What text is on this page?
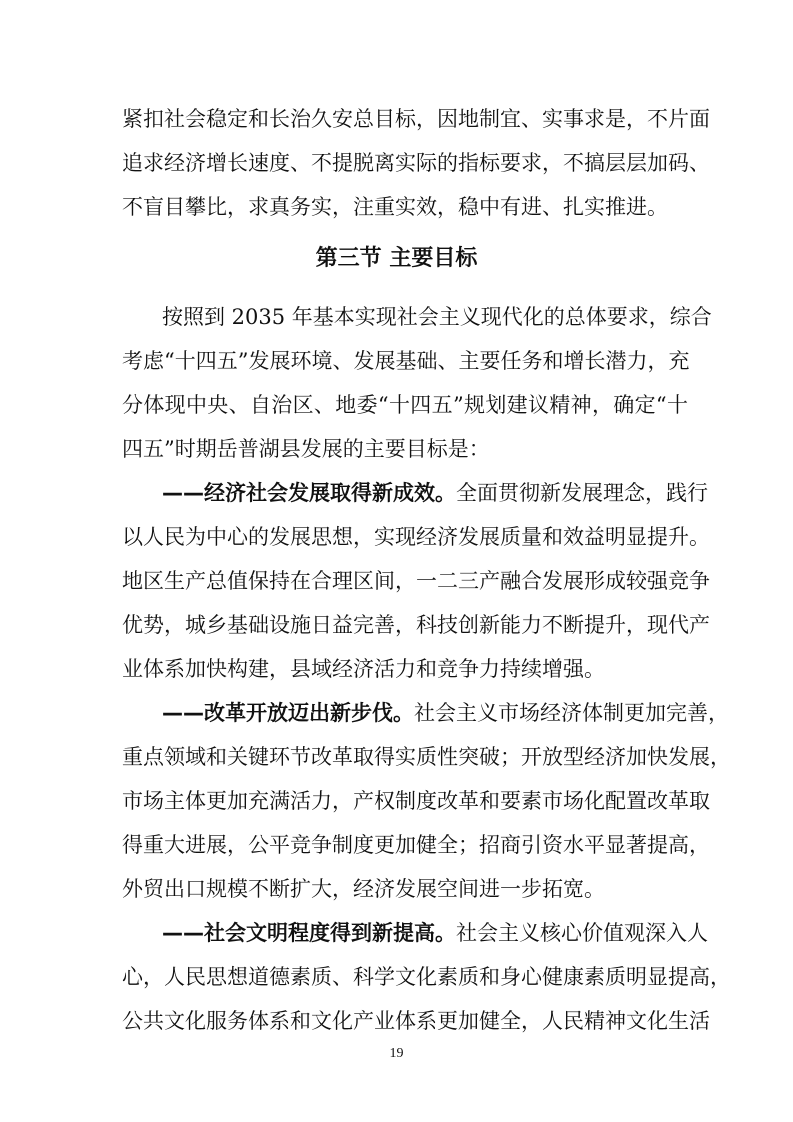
紧扣社会稳定和长治久安总目标，因地制宜、实事求是，不片面
追求经济增长速度、不提脱离实际的指标要求，不搞层层加码、
不盲目攀比，求真务实，注重实效，稳中有进、扎实推进。
第三节 主要目标
按照到 2035 年基本实现社会主义现代化的总体要求，综合
考虑“十四五”发展环境、发展基础、主要任务和增长潜力，充
分体现中央、自治区、地委“十四五”规划建议精神，确定“十
四五”时期岳普湖县发展的主要目标是：
——经济社会发展取得新成效。全面贯彻新发展理念，践行
以人民为中心的发展思想，实现经济发展质量和效益明显提升。
地区生产总值保持在合理区间，一二三产融合发展形成较强竞争
优势，城乡基础设施日益完善，科技创新能力不断提升，现代产
业体系加快构建，县域经济活力和竞争力持续增强。
——改革开放迈出新步伐。社会主义市场经济体制更加完善，
重点领域和关键环节改革取得实质性突破；开放型经济加快发展，
市场主体更加充满活力，产权制度改革和要素市场化配置改革取
得重大进展，公平竞争制度更加健全；招商引资水平显著提高，
外贸出口规模不断扩大，经济发展空间进一步拓宽。
——社会文明程度得到新提高。社会主义核心价值观深入人
心，人民思想道德素质、科学文化素质和身心健康素质明显提高，
公共文化服务体系和文化产业体系更加健全，人民精神文化生活
19
